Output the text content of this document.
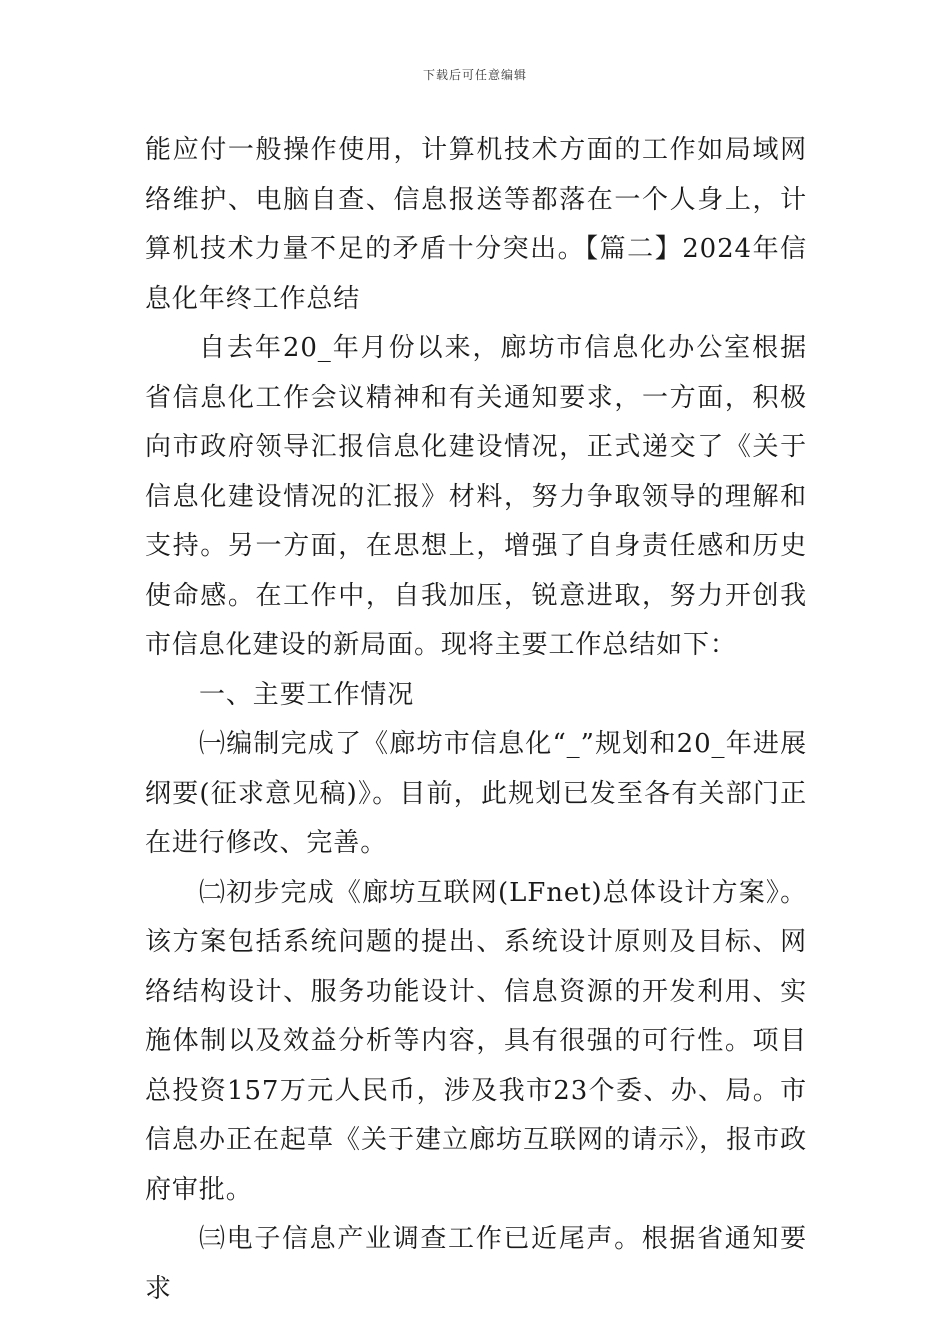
下载后可任意编辑

能应付一般操作使用，计算机技术方面的工作如局域网络维护、电脑自查、信息报送等都落在一个人身上，计算机技术力量不足的矛盾十分突出。【篇二】2024年信息化年终工作总结

自去年20_年月份以来，廊坊市信息化办公室根据省信息化工作会议精神和有关通知要求，一方面，积极向市政府领导汇报信息化建设情况，正式递交了《关于信息化建设情况的汇报》材料，努力争取领导的理解和支持。另一方面，在思想上，增强了自身责任感和历史使命感。在工作中，自我加压，锐意进取，努力开创我市信息化建设的新局面。现将主要工作总结如下：

一、主要工作情况

㈠编制完成了《廊坊市信息化“_”规划和20_年进展纲要(征求意见稿)》。目前，此规划已发至各有关部门正在进行修改、完善。

㈡初步完成《廊坊互联网(LFnet)总体设计方案》。该方案包括系统问题的提出、系统设计原则及目标、网络结构设计、服务功能设计、信息资源的开发利用、实施体制以及效益分析等内容，具有很强的可行性。项目总投资157万元人民币，涉及我市23个委、办、局。市信息办正在起草《关于建立廊坊互联网的请示》，报市政府审批。

㈢电子信息产业调查工作已近尾声。根据省通知要求
